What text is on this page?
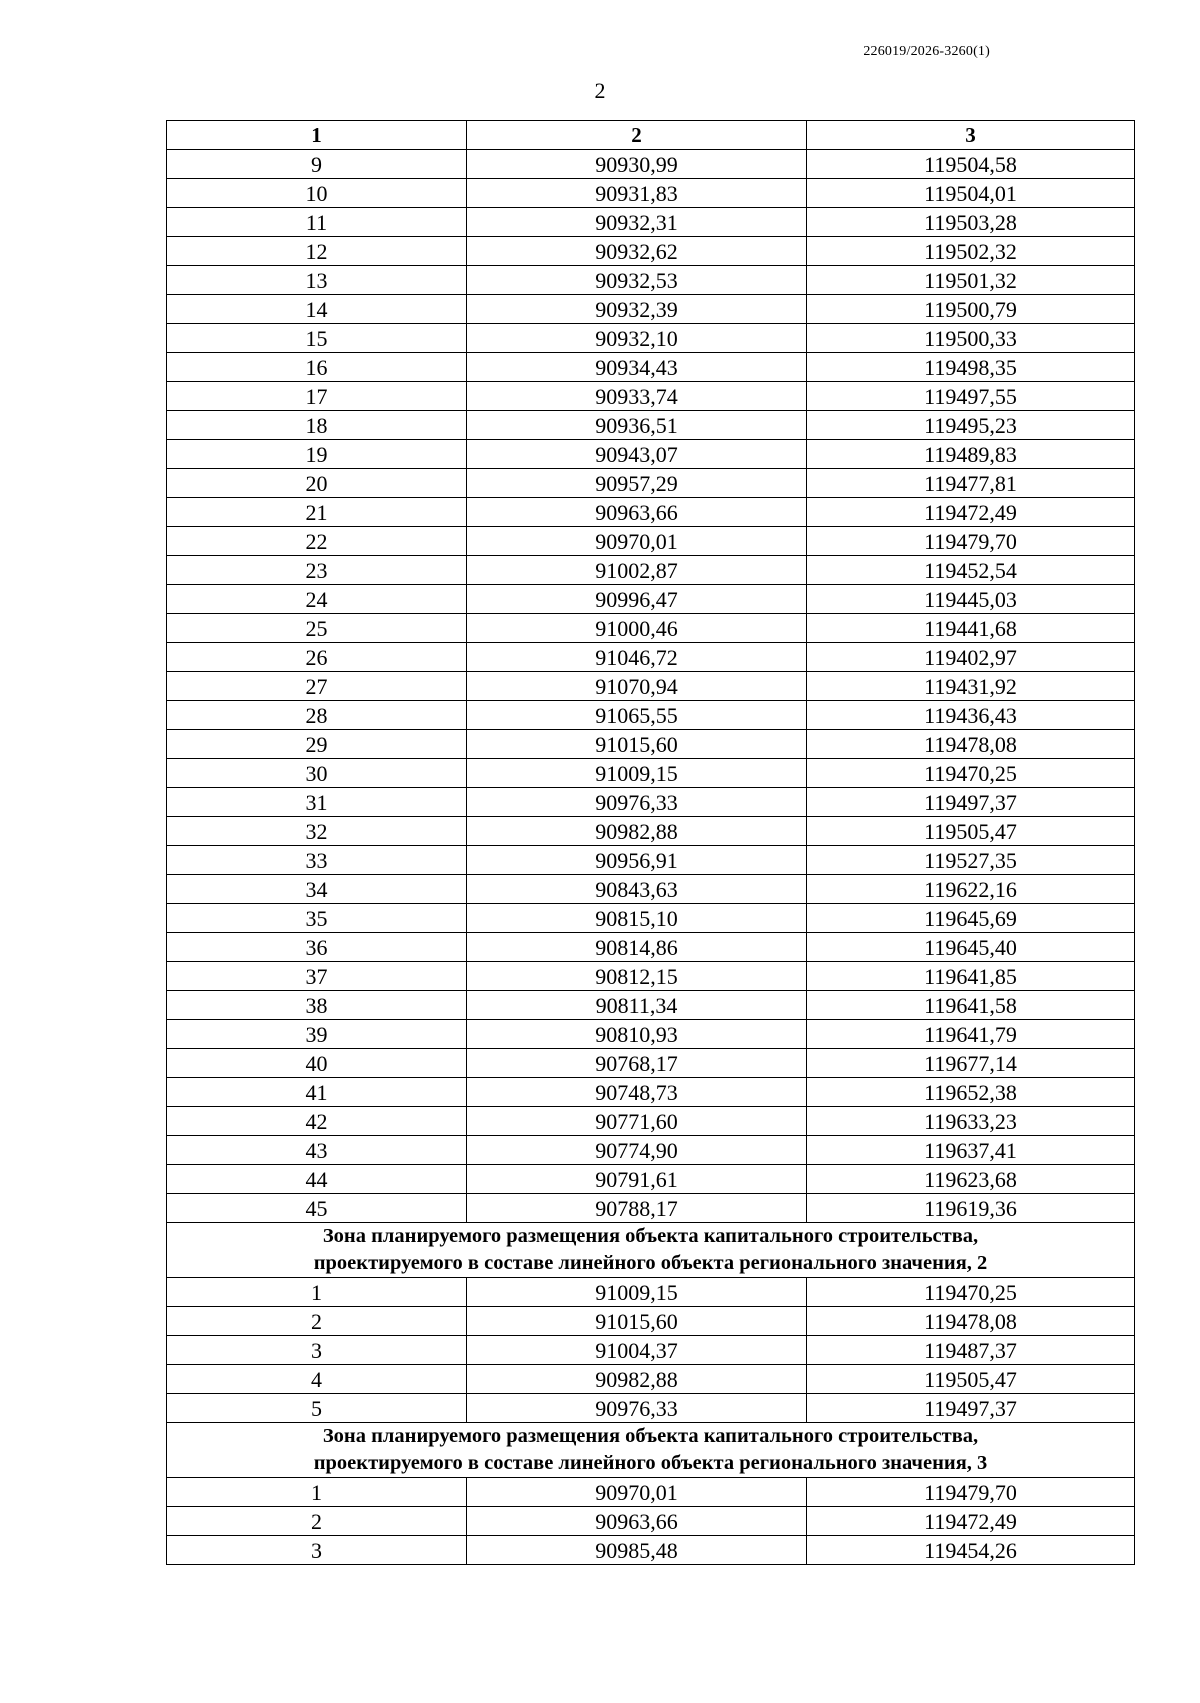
226019/2026-3260(1)
2
1	2	3
9	90930,99	119504,58
10	90931,83	119504,01
11	90932,31	119503,28
12	90932,62	119502,32
13	90932,53	119501,32
14	90932,39	119500,79
15	90932,10	119500,33
16	90934,43	119498,35
17	90933,74	119497,55
18	90936,51	119495,23
19	90943,07	119489,83
20	90957,29	119477,81
21	90963,66	119472,49
22	90970,01	119479,70
23	91002,87	119452,54
24	90996,47	119445,03
25	91000,46	119441,68
26	91046,72	119402,97
27	91070,94	119431,92
28	91065,55	119436,43
29	91015,60	119478,08
30	91009,15	119470,25
31	90976,33	119497,37
32	90982,88	119505,47
33	90956,91	119527,35
34	90843,63	119622,16
35	90815,10	119645,69
36	90814,86	119645,40
37	90812,15	119641,85
38	90811,34	119641,58
39	90810,93	119641,79
40	90768,17	119677,14
41	90748,73	119652,38
42	90771,60	119633,23
43	90774,90	119637,41
44	90791,61	119623,68
45	90788,17	119619,36

Зона планируемого размещения объекта капитального строительства,
проектируемого в составе линейного объекта регионального значения, 2		

1	91009,15	119470,25
2	91015,60	119478,08
3	91004,37	119487,37
4	90982,88	119505,47
5	90976,33	119497,37

Зона планируемого размещения объекта капитального строительства,
проектируемого в составе линейного объекта регионального значения, 3		

1	90970,01	119479,70
2	90963,66	119472,49
3	90985,48	119454,26
